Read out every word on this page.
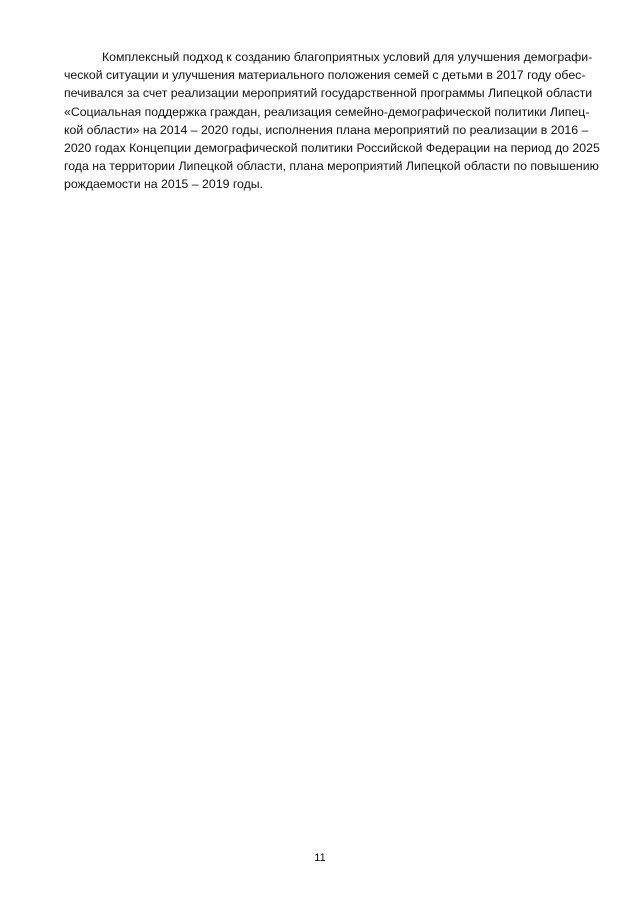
Комплексный подход к созданию благоприятных условий для улучшения демографи-
ческой ситуации и улучшения материального положения семей с детьми в 2017 году обес-
печивался за счет реализации мероприятий государственной программы Липецкой области
«Социальная поддержка граждан, реализация семейно-демографической политики Липец-
кой области» на 2014 – 2020 годы, исполнения плана мероприятий по реализации в 2016 –
2020 годах Концепции демографической политики Российской Федерации на период до 2025
года на территории Липецкой области, плана мероприятий Липецкой области по повышению
рождаемости на 2015 – 2019 годы.
11
